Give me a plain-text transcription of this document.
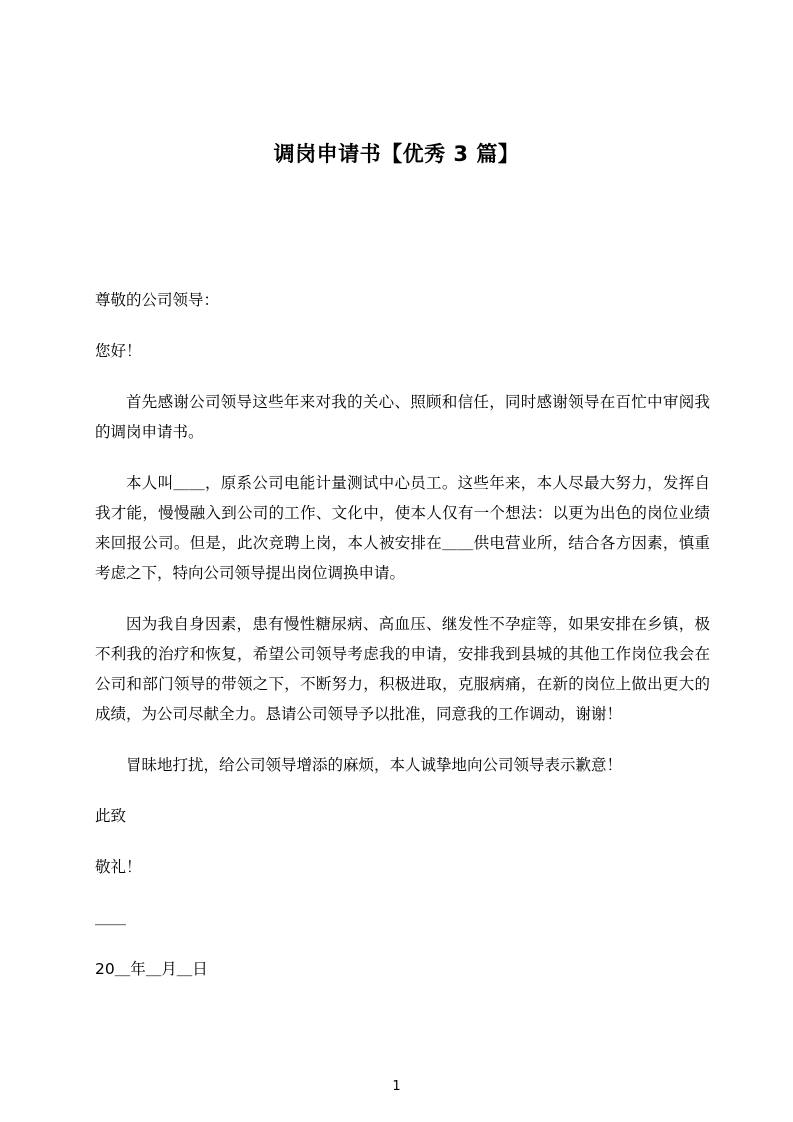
调岗申请书【优秀 3 篇】

尊敬的公司领导：

您好！

首先感谢公司领导这些年来对我的关心、照顾和信任，同时感谢领导在百忙中审阅我的调岗申请书。

本人叫＿＿，原系公司电能计量测试中心员工。这些年来，本人尽最大努力，发挥自我才能，慢慢融入到公司的工作、文化中，使本人仅有一个想法：以更为出色的岗位业绩来回报公司。但是，此次竞聘上岗，本人被安排在＿＿供电营业所，结合各方因素，慎重考虑之下，特向公司领导提出岗位调换申请。

因为我自身因素，患有慢性糖尿病、高血压、继发性不孕症等，如果安排在乡镇，极不利我的治疗和恢复，希望公司领导考虑我的申请，安排我到县城的其他工作岗位我会在公司和部门领导的带领之下，不断努力，积极进取，克服病痛，在新的岗位上做出更大的成绩，为公司尽献全力。恳请公司领导予以批准，同意我的工作调动，谢谢！

冒昧地打扰，给公司领导增添的麻烦，本人诚挚地向公司领导表示歉意！

此致

敬礼！

＿＿

20＿年＿月＿日

1
